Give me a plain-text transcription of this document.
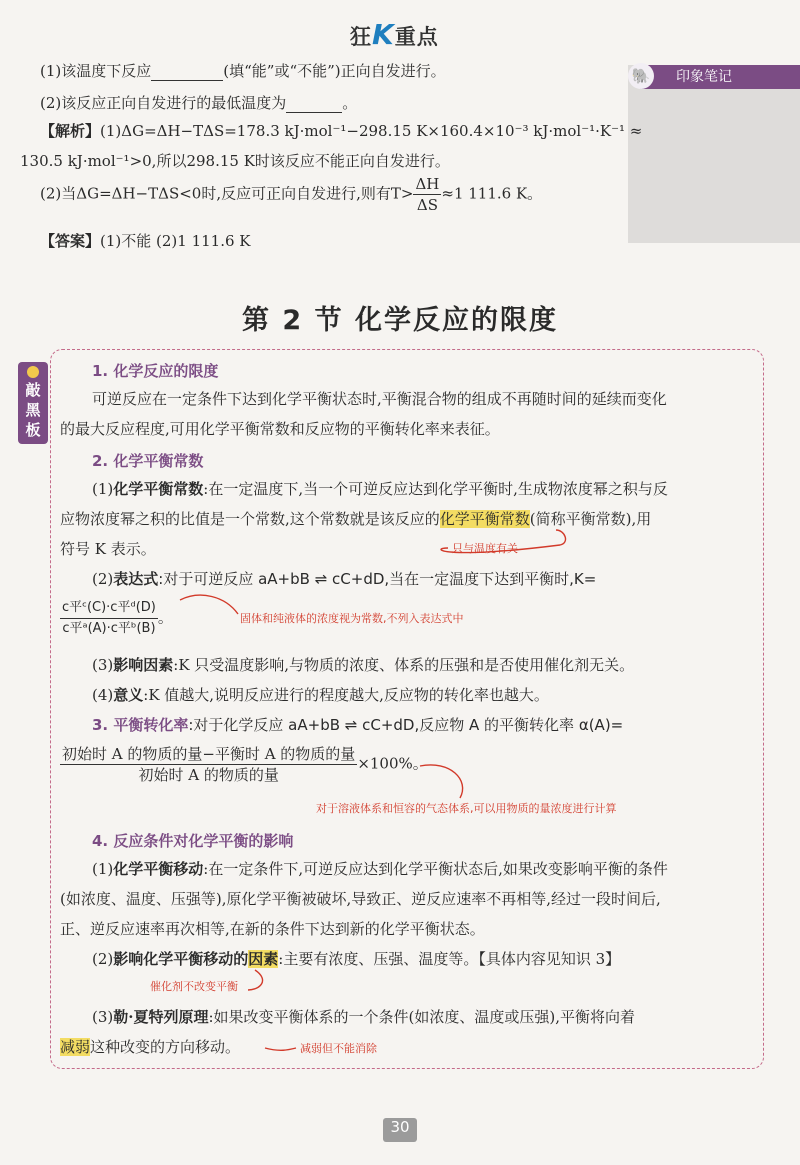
狂K重点
🐘 印象笔记
(1)该温度下反应	(填“能”或“不能”)正向自发进行。
(2)该反应正向自发进行的最低温度为	。
【解析】(1)ΔG=ΔH−TΔS=178.3 kJ·mol⁻¹−298.15 K×160.4×10⁻³ kJ·mol⁻¹·K⁻¹ ≈
130.5 kJ·mol⁻¹>0,所以298.15 K时该反应不能正向自发进行。
(2)当ΔG=ΔH−TΔS<0时,反应可正向自发进行,则有$T> \frac{\Delta H}{\Delta S} \approx 1$ 111.6 K。
【答案】(1)不能 (2)1 111.6 K
第 2 节 化学反应的限度
敲黑板
1. 化学反应的限度
可逆反应在一定条件下达到化学平衡状态时,平衡混合物的组成不再随时间的延续而变化
的最大反应程度,可用化学平衡常数和反应物的平衡转化率来表征。
2. 化学平衡常数
(1)化学平衡常数:在一定温度下,当一个可逆反应达到化学平衡时,生成物浓度幂之积与反
应物浓度幂之积的比值是一个常数,这个常数就是该反应的化学平衡常数(简称平衡常数),用
符号 K 表示。	只与温度有关
(2)表达式:对于可逆反应 aA+bB ⇌ cC+dD,当在一定温度下达到平衡时,K=
$\frac{\text{c平ᶜ(C)·c平ᵈ(D)}}{\text{c平ᵃ(A)·c平ᵇ(B)}}$ 。	固体和纯液体的浓度视为常数,不列入表达式中
(3)影响因素:K 只受温度影响,与物质的浓度、体系的压强和是否使用催化剂无关。
(4)意义:K 值越大,说明反应进行的程度越大,反应物的转化率也越大。
3. 平衡转化率:对于化学反应 aA+bB ⇌ cC+dD,反应物 A 的平衡转化率 α(A)=
$\frac{\text{初始时 A 的物质的量−平衡时 A 的物质的量}}{\text{初始时 A 的物质的量}} \times 100\%$。
对于溶液体系和恒容的气态体系,可以用物质的量浓度进行计算
4. 反应条件对化学平衡的影响
(1)化学平衡移动:在一定条件下,可逆反应达到化学平衡状态后,如果改变影响平衡的条件
(如浓度、温度、压强等),原化学平衡被破坏,导致正、逆反应速率不再相等,经过一段时间后,
正、逆反应速率再次相等,在新的条件下达到新的化学平衡状态。
(2)影响化学平衡移动的因素:主要有浓度、压强、温度等。【具体内容见知识 3】
催化剂不改变平衡
(3)勒·夏特列原理:如果改变平衡体系的一个条件(如浓度、温度或压强),平衡将向着
减弱这种改变的方向移动。	减弱但不能消除
30
